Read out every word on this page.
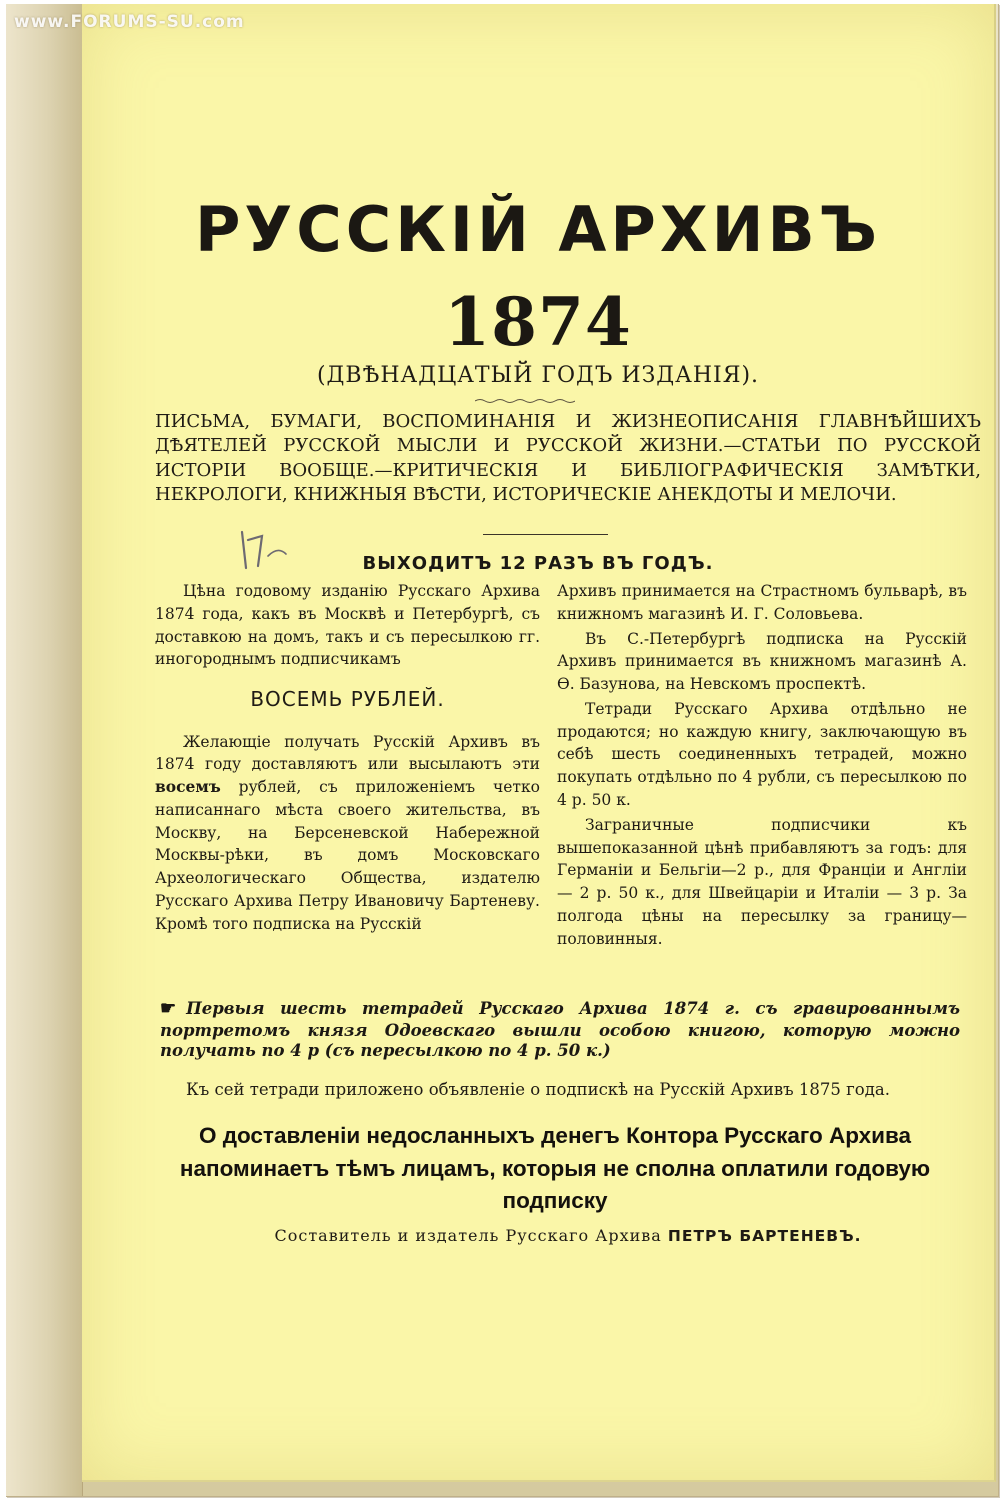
www.FORUMS-SU.com
РУССКІЙ АРХИВЪ
1874
(ДВѢНАДЦАТЫЙ ГОДЪ ИЗДАНІЯ).
ПИСЬМА, БУМАГИ, ВОСПОМИНАНІЯ И ЖИЗНЕОПИСАНІЯ ГЛАВНѢЙШИХЪ ДѢЯТЕЛЕЙ РУССКОЙ МЫСЛИ И РУССКОЙ ЖИЗНИ.—СТАТЬИ ПО РУССКОЙ ИСТОРІИ ВООБЩЕ.—КРИТИЧЕСКІЯ И БИБЛІОГРАФИЧЕСКІЯ ЗАМѢТКИ, НЕКРОЛОГИ, КНИЖНЫЯ ВѢСТИ, ИСТОРИЧЕСКІЕ АНЕКДОТЫ И МЕЛОЧИ.
ВЫХОДИТЪ 12 РАЗЪ ВЪ ГОДЪ.

Цѣна годовому изданію Русскаго Архива 1874 года, какъ въ Москвѣ и Петербургѣ, съ доставкою на домъ, такъ и съ пересылкою гг. иногороднымъ подписчикамъ

ВОСЕМЬ РУБЛЕЙ.

Желающіе получать Русскій Архивъ въ 1874 году доставляютъ или высылаютъ эти восемъ рублей, съ приложеніемъ четко написаннаго мѣста своего жительства, въ Москву, на Берсеневской Набережной Москвы-рѣки, въ домъ Московскаго Археологическаго Общества, издателю Русскаго Архива Петру Ивановичу Бартеневу. Кромѣ того подписка на Русскій

Архивъ принимается на Страстномъ бульварѣ, въ книжномъ магазинѣ И. Г. Соловьева.

Въ С.-Петербургѣ подписка на Русскій Архивъ принимается въ книжномъ магазинѣ А. Ѳ. Базунова, на Невскомъ проспектѣ.

Тетради Русскаго Архива отдѣльно не продаются; но каждую книгу, заключающую въ себѣ шесть соединенныхъ тетрадей, можно покупать отдѣльно по 4 рубли, съ пересылкою по 4 р. 50 к.

Заграничные подписчики къ вышепоказанной цѣнѣ прибавляютъ за годъ: для Германіи и Бельгіи—2 р., для Франціи и Англіи — 2 р. 50 к., для Швейцаріи и Италіи — 3 р. За полгода цѣны на пересылку за границу—половинныя.

☛ Первыя шесть тетрадей Русскаго Архива 1874 г. съ гравированнымъ портретомъ князя Одоевскаго вышли особою книгою, которую можно получать по 4 р (съ пересылкою по 4 р. 50 к.)
Къ сей тетради приложено объявленіе о подпискѣ на Русскій Архивъ 1875 года.
О доставленіи недосланныхъ денегъ Контора Русскаго Архива напоминаетъ тѣмъ лицамъ, которыя не сполна оплатили годовую подписку
Составитель и издатель Русскаго Архива ПЕТРЪ БАРТЕНЕВЪ.
